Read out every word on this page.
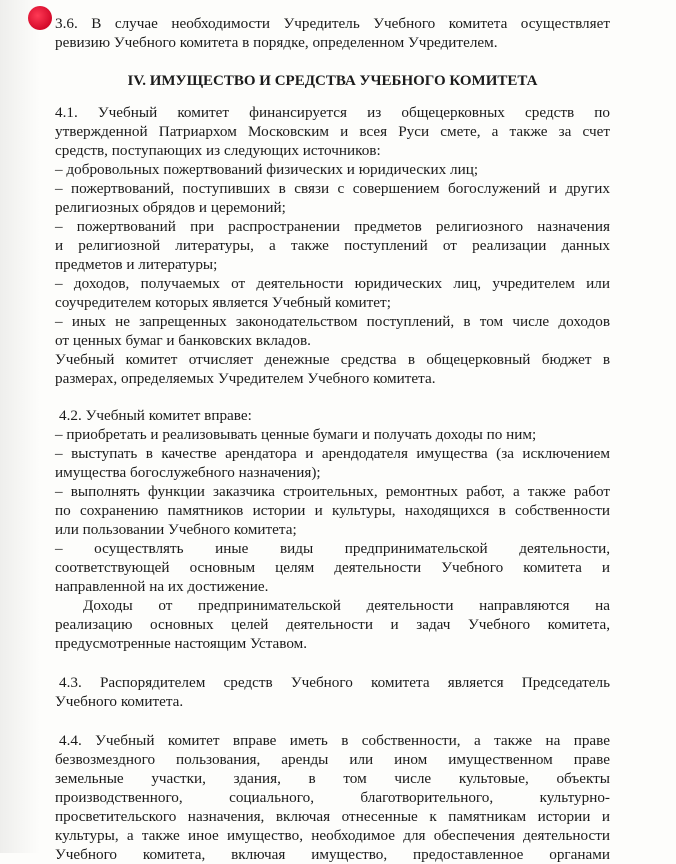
3.6. В случае необходимости Учредитель Учебного комитета осуществляет

ревизию Учебного комитета в порядке, определенном Учредителем.

IV. ИМУЩЕСТВО И СРЕДСТВА УЧЕБНОГО КОМИТЕТА

4.1. Учебный комитет финансируется из общецерковных средств по

утвержденной Патриархом Московским и всея Руси смете, а также за счет

средств, поступающих из следующих источников:

– добровольных пожертвований физических и юридических лиц;

– пожертвований, поступивших в связи с совершением богослужений и других

религиозных обрядов и церемоний;

– пожертвований при распространении предметов религиозного назначения

и религиозной литературы, а также поступлений от реализации данных

предметов и литературы;

– доходов, получаемых от деятельности юридических лиц, учредителем или

соучредителем которых является Учебный комитет;

– иных не запрещенных законодательством поступлений, в том числе доходов

от ценных бумаг и банковских вкладов.

Учебный комитет отчисляет денежные средства в общецерковный бюджет в

размерах, определяемых Учредителем Учебного комитета.

4.2. Учебный комитет вправе:

– приобретать и реализовывать ценные бумаги и получать доходы по ним;

– выступать в качестве арендатора и арендодателя имущества (за исключением

имущества богослужебного назначения);

– выполнять функции заказчика строительных, ремонтных работ, а также работ

по сохранению памятников истории и культуры, находящихся в собственности

или пользовании Учебного комитета;

– осуществлять иные виды предпринимательской деятельности,

соответствующей основным целям деятельности Учебного комитета и

направленной на их достижение.

Доходы от предпринимательской деятельности направляются на

реализацию основных целей деятельности и задач Учебного комитета,

предусмотренные настоящим Уставом.

4.3. Распорядителем средств Учебного комитета является Председатель

Учебного комитета.

4.4. Учебный комитет вправе иметь в собственности, а также на праве

безвозмездного пользования, аренды или ином имущественном праве

земельные участки, здания, в том числе культовые, объекты

производственного, социального, благотворительного, культурно-

просветительского назначения, включая отнесенные к памятникам истории и

культуры, а также иное имущество, необходимое для обеспечения деятельности

Учебного комитета, включая имущество, предоставленное органами
